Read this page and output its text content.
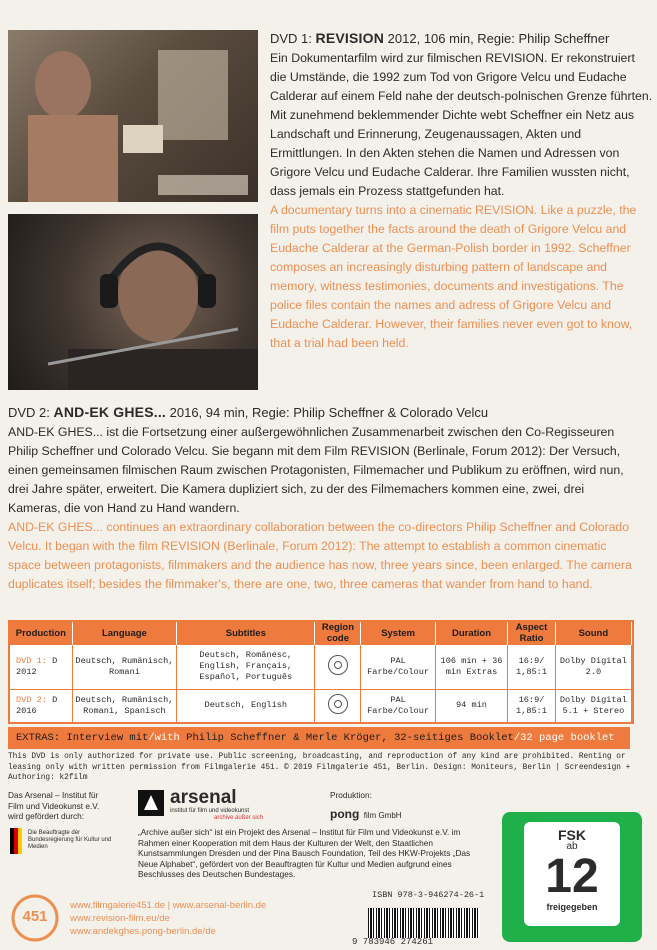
DVD 1: REVISION 2012, 106 min, Regie: Philip Scheffner
Ein Dokumentarfilm wird zur filmischen REVISION. Er rekonstruiert die Umstände, die 1992 zum Tod von Grigore Velcu und Eudache Calderar auf einem Feld nahe der deutsch-polnischen Grenze führten. Mit zunehmend beklemmender Dichte webt Scheffner ein Netz aus Landschaft und Erinnerung, Zeugenaussagen, Akten und Ermittlungen. In den Akten stehen die Namen und Adressen von Grigore Velcu und Eudache Calderar. Ihre Familien wussten nicht, dass jemals ein Prozess stattgefunden hat.
A documentary turns into a cinematic REVISION. Like a puzzle, the film puts together the facts around the death of Grigore Velcu and Eudache Calderar at the German-Polish border in 1992. Scheffner composes an increasingly disturbing pattern of landscape and memory, witness testimonies, documents and investigations. The police files contain the names and adress of Grigore Velcu and Eudache Calderar. However, their families never even got to know, that a trial had been held.
DVD 2: AND-EK GHES... 2016, 94 min, Regie: Philip Scheffner & Colorado Velcu
AND-EK GHES... ist die Fortsetzung einer außergewöhnlichen Zusammenarbeit zwischen den Co-Regisseuren Philip Scheffner und Colorado Velcu. Sie begann mit dem Film REVISION (Berlinale, Forum 2012): Der Versuch, einen gemeinsamen filmischen Raum zwischen Protagonisten, Filmemacher und Publikum zu eröffnen, wird nun, drei Jahre später, erweitert. Die Kamera dupliziert sich, zu der des Filmemachers kommen eine, zwei, drei Kameras, die von Hand zu Hand wandern.
AND-EK GHES... continues an extraordinary collaboration between the co-directors Philip Scheffner and Colorado Velcu. It began with the film REVISION (Berlinale, Forum 2012): The attempt to establish a common cinematic space between protagonists, filmmakers and the audience has now, three years since, been enlarged. The camera duplicates itself; besides the filmmaker's, there are one, two, three cameras that wander from hand to hand.
Production	Language	Subtitles	Region code	System	Duration	Aspect Ratio	Sound
DVD 1: D 2012	Deutsch, Rumänisch, Romani	Deutsch, Romănesc, English, Français, Español, Português		PAL Farbe/Colour	106 min + 36 min Extras	16:9/ 1,85:1	Dolby Digital 2.0
DVD 2: D 2016	Deutsch, Rumänisch, Romani, Spanisch	Deutsch, English		PAL Farbe/Colour	94 min	16:9/ 1,85:1	Dolby Digital 5.1 + Stereo
EXTRAS: Interview mit/with Philip Scheffner & Merle Kröger, 32-seitiges Booklet/32 page booklet
This DVD is only authorized for private use. Public screening, broadcasting, and reproduction of any kind are prohibited. Renting or leasing only with written permission from Filmgalerie 451. © 2019 Filmgalerie 451, Berlin. Design: Moniteurs, Berlin | Screendesign + Authoring: k2film
Das Arsenal – Institut für
Film und Videokunst e.V.
wird gefördert durch:
Die Beauftragte der Bundesregierung für Kultur und Medien
arsenal
institut für film und videokunst
archive außer sich
Produktion:
pong film GmbH
„Archive außer sich“ ist ein Projekt des Arsenal – Institut für Film und Videokunst e.V. im Rahmen einer Kooperation mit dem Haus der Kulturen der Welt, den Staatlichen Kunstsammlungen Dresden und der Pina Bausch Foundation, Teil des HKW-Projekts „Das Neue Alphabet“, gefördert von der Beauftragten für Kultur und Medien aufgrund eines Beschlusses des Deutschen Bundestages.
451
www.filmgalerie451.de | www.arsenal-berlin.de
www.revision-film.eu/de
www.andekghes.pong-berlin.de/de
ISBN 978-3-946274-26-1
9 783946 274261
FSK
ab
12
freigegeben
